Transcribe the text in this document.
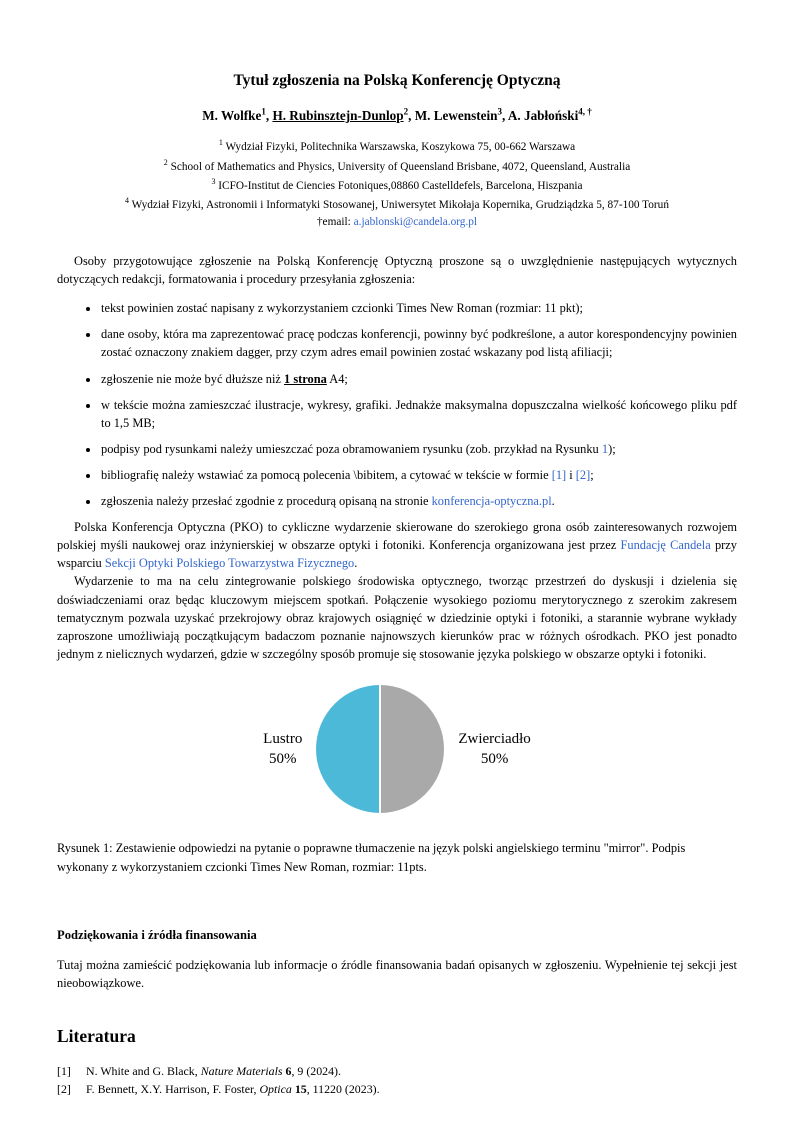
Tytuł zgłoszenia na Polską Konferencję Optyczną
M. Wolfke$^1$, H. Rubinsztejn-Dunlop$^2$, M. Lewenstein$^3$, A. Jabłoński$^{4, \dagger}$
$^1$ Wydział Fizyki, Politechnika Warszawska, Koszykowa 75, 00-662 Warszawa
$^2$ School of Mathematics and Physics, University of Queensland Brisbane, 4072, Queensland, Australia
$^3$ ICFO-Institut de Ciencies Fotoniques,08860 Castelldefels, Barcelona, Hiszpania
$^4$ Wydział Fizyki, Astronomii i Informatyki Stosowanej, Uniwersytet Mikołaja Kopernika, Grudziądzka 5, 87-100 Toruń
†email: a.jablonski@candela.org.pl

Osoby przygotowujące zgłoszenie na Polską Konferencję Optyczną proszone są o uwzględnienie następujących wytycznych dotyczących redakcji, formatowania i procedury przesyłania zgłoszenia:

• tekst powinien zostać napisany z wykorzystaniem czcionki Times New Roman (rozmiar: 11 pkt);
• dane osoby, która ma zaprezentować pracę podczas konferencji, powinny być podkreślone, a autor korespondencyjny powinien zostać oznaczony znakiem dagger, przy czym adres email powinien zostać wskazany pod listą afiliacji;
• zgłoszenie nie może być dłuższe niż 1 strona A4;
• w tekście można zamieszczać ilustracje, wykresy, grafiki. Jednakże maksymalna dopuszczalna wielkość końcowego pliku pdf to 1,5 MB;
• podpisy pod rysunkami należy umieszczać poza obramowaniem rysunku (zob. przykład na Rysunku 1);
• bibliografię należy wstawiać za pomocą polecenia \bibitem, a cytować w tekście w formie [1] i [2];
• zgłoszenia należy przesłać zgodnie z procedurą opisaną na stronie konferencja-optyczna.pl.

Polska Konferencja Optyczna (PKO) to cykliczne wydarzenie skierowane do szerokiego grona osób zainteresowanych rozwojem polskiej myśli naukowej oraz inżynierskiej w obszarze optyki i fotoniki. Konferencja organizowana jest przez Fundację Candela przy wsparciu Sekcji Optyki Polskiego Towarzystwa Fizycznego.

Wydarzenie to ma na celu zintegrowanie polskiego środowiska optycznego, tworząc przestrzeń do dyskusji i dzielenia się doświadczeniami oraz będąc kluczowym miejscem spotkań. Połączenie wysokiego poziomu merytorycznego z szerokim zakresem tematycznym pozwala uzyskać przekrojowy obraz krajowych osiągnięć w dziedzinie optyki i fotoniki, a starannie wybrane wykłady zaproszone umożliwiają początkującym badaczom poznanie najnowszych kierunków prac w różnych ośrodkach. PKO jest ponadto jednym z nielicznych wydarzeń, gdzie w szczególny sposób promuje się stosowanie języka polskiego w obszarze optyki i fotoniki.

Lustro
50%
Zwierciadło
50%
Rysunek 1: Zestawienie odpowiedzi na pytanie o poprawne tłumaczenie na język polski angielskiego terminu "mirror". Podpis wykonany z wykorzystaniem czcionki Times New Roman, rozmiar: 11pts.
Podziękowania i źródła finansowania

Tutaj można zamieścić podziękowania lub informacje o źródle finansowania badań opisanych w zgłoszeniu. Wypełnienie tej sekcji jest nieobowiązkowe.

Literatura
[1]	N. White and G. Black, Nature Materials 6, 9 (2024).
[2]	F. Bennett, X.Y. Harrison, F. Foster, Optica 15, 11220 (2023).
